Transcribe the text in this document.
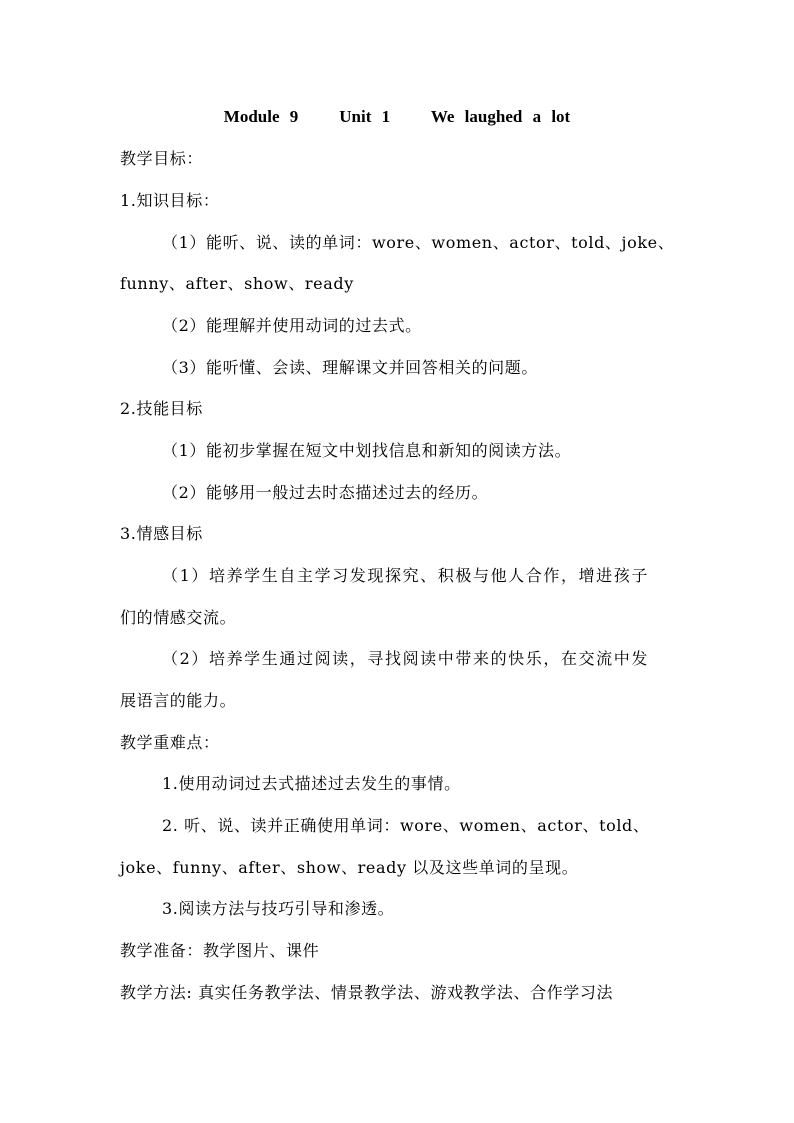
Module 9    Unit 1    We laughed a lot
教学目标：
1.知识目标：
（1）能听、说、读的单词：wore、women、actor、told、joke、
funny、after、show、ready
（2）能理解并使用动词的过去式。
（3）能听懂、会读、理解课文并回答相关的问题。
2.技能目标
（1）能初步掌握在短文中划找信息和新知的阅读方法。
（2）能够用一般过去时态描述过去的经历。
3.情感目标
（1）培养学生自主学习发现探究、积极与他人合作，增进孩子
们的情感交流。
（2）培养学生通过阅读，寻找阅读中带来的快乐，在交流中发
展语言的能力。
教学重难点：
1.使用动词过去式描述过去发生的事情。
2. 听、说、读并正确使用单词：wore、women、actor、told、
joke、funny、after、show、ready 以及这些单词的呈现。
3.阅读方法与技巧引导和渗透。
教学准备：教学图片、课件
教学方法: 真实任务教学法、情景教学法、游戏教学法、合作学习法
